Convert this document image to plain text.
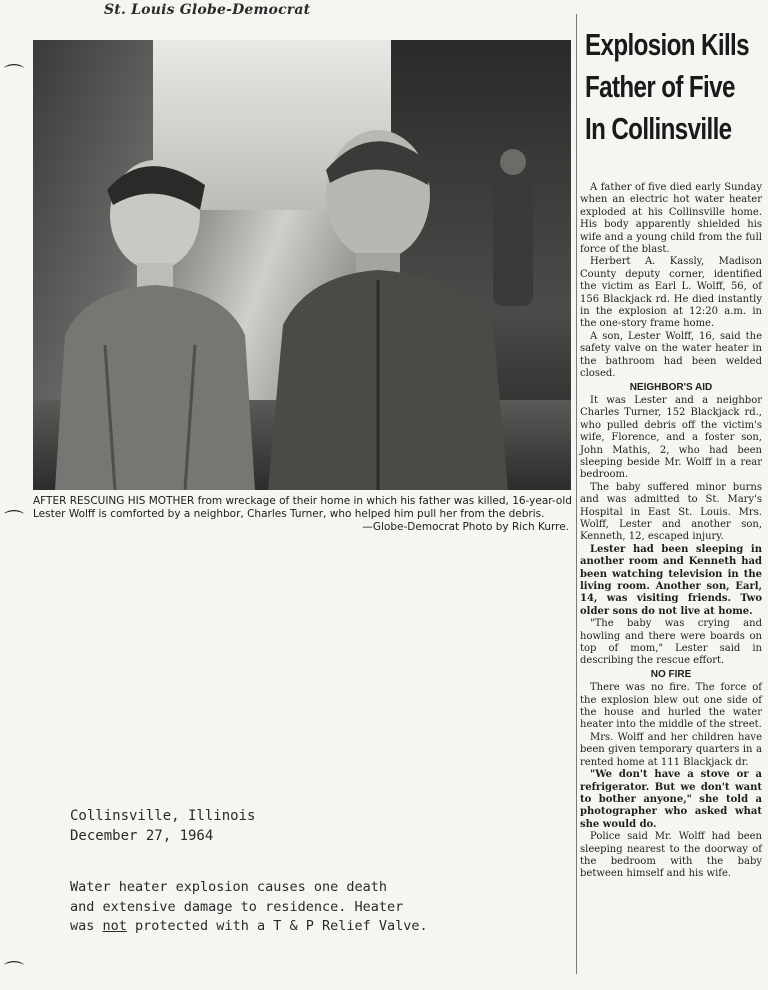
St. Louis Globe-Democrat
AFTER RESCUING HIS MOTHER from wreckage of their home in which his father was killed, 16-year-old Lester Wolff is comforted by a neighbor, Charles Turner, who helped him pull her from the debris.
—Globe-Democrat Photo by Rich Kurre.
Explosion Kills
Father of Five
In Collinsville

A father of five died early Sunday when an electric hot water heater exploded at his Collinsville home. His body apparently shielded his wife and a young child from the full force of the blast.

Herbert A. Kassly, Madison County deputy corner, identified the victim as Earl L. Wolff, 56, of 156 Blackjack rd. He died instantly in the explosion at 12:20 a.m. in the one-story frame home.

A son, Lester Wolff, 16, said the safety valve on the water heater in the bathroom had been welded closed.

NEIGHBOR'S AID

It was Lester and a neighbor Charles Turner, 152 Blackjack rd., who pulled debris off the victim's wife, Florence, and a foster son, John Mathis, 2, who had been sleeping beside Mr. Wolff in a rear bedroom.

The baby suffered minor burns and was admitted to St. Mary's Hospital in East St. Louis. Mrs. Wolff, Lester and another son, Kenneth, 12, escaped injury.

Lester had been sleeping in another room and Kenneth had been watching television in the living room. Another son, Earl, 14, was visiting friends. Two older sons do not live at home.

"The baby was crying and howling and there were boards on top of mom," Lester said in describing the rescue effort.

NO FIRE

There was no fire. The force of the explosion blew out one side of the house and hurled the water heater into the middle of the street.

Mrs. Wolff and her children have been given temporary quarters in a rented home at 111 Blackjack dr.

"We don't have a stove or a refrigerator. But we don't want to bother anyone," she told a photographer who asked what she would do.

Police said Mr. Wolff had been sleeping nearest to the doorway of the bedroom with the baby between himself and his wife.

Collinsville, Illinois
December 27, 1964
Water heater explosion causes one death
and extensive damage to residence. Heater
was not protected with a T & P Relief Valve.
⌒
⌒
⌒
